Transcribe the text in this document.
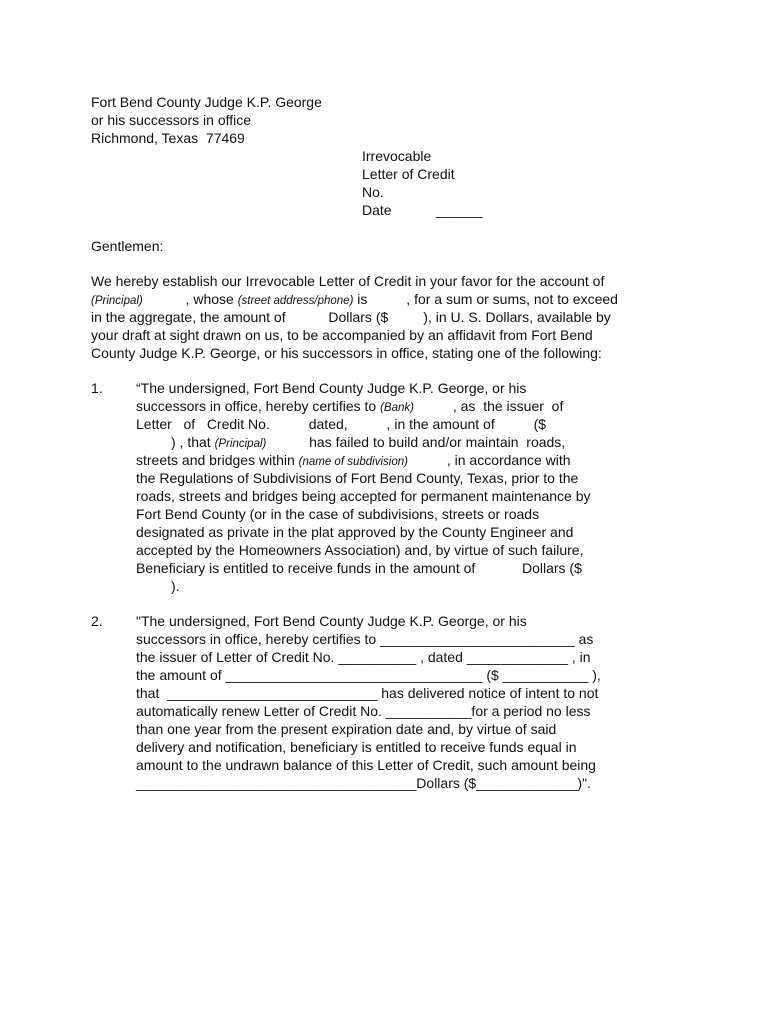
Fort Bend County Judge K.P. George
or his successors in office
Richmond, Texas  77469
Irrevocable
Letter of Credit
No.
Date	______
Gentlemen:
We hereby establish our Irrevocable Letter of Credit in your favor for the account of
(Principal)           , whose (street address/phone) is          , for a sum or sums, not to exceed
in the aggregate, the amount of           Dollars ($         ), in U. S. Dollars, available by
your draft at sight drawn on us, to be accompanied by an affidavit from Fort Bend
County Judge K.P. George, or his successors in office, stating one of the following:
1. “The undersigned, Fort Bend County Judge K.P. George, or his
successors in office, hereby certifies to (Bank)          , as  the issuer  of
Letter   of   Credit No.          dated,          , in the amount of          ($
) , that (Principal)           has failed to build and/or maintain  roads,
streets and bridges within (name of subdivision)          , in accordance with
the Regulations of Subdivisions of Fort Bend County, Texas, prior to the
roads, streets and bridges being accepted for permanent maintenance by
Fort Bend County (or in the case of subdivisions, streets or roads
designated as private in the plat approved by the County Engineer and
accepted by the Homeowners Association) and, by virtue of such failure,
Beneficiary is entitled to receive funds in the amount of            Dollars ($
).
2. "The undersigned, Fort Bend County Judge K.P. George, or his
successors in office, hereby certifies to _________________________ as
the issuer of Letter of Credit No. __________ , dated _____________ , in
the amount of _________________________________ ($ ___________ ),
that  ___________________________ has delivered notice of intent to not
automatically renew Letter of Credit No. ___________for a period no less
than one year from the present expiration date and, by virtue of said
delivery and notification, beneficiary is entitled to receive funds equal in
amount to the undrawn balance of this Letter of Credit, such amount being
____________________________________Dollars ($_____________)".
